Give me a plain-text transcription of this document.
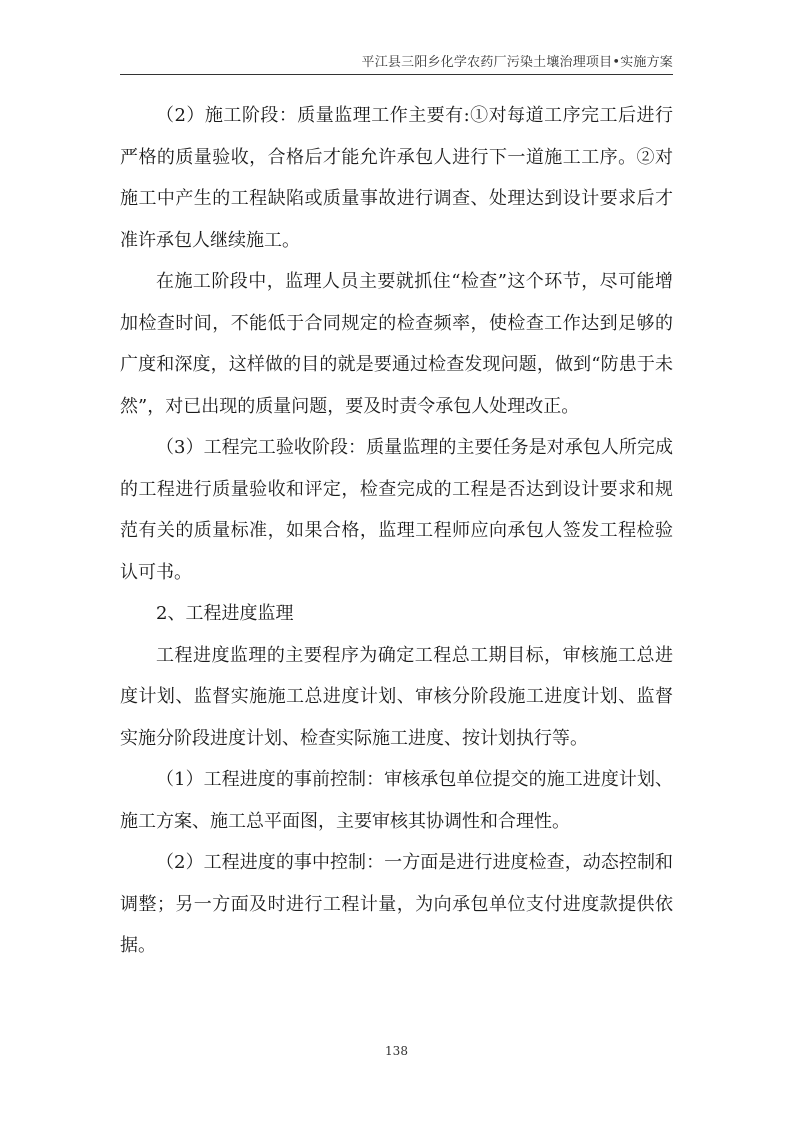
平江县三阳乡化学农药厂污染土壤治理项目•实施方案

（2）施工阶段：质量监理工作主要有:①对每道工序完工后进行严格的质量验收，合格后才能允许承包人进行下一道施工工序。②对施工中产生的工程缺陷或质量事故进行调查、处理达到设计要求后才准许承包人继续施工。

在施工阶段中，监理人员主要就抓住“检查”这个环节，尽可能增加检查时间，不能低于合同规定的检查频率，使检查工作达到足够的广度和深度，这样做的目的就是要通过检查发现问题，做到“防患于未然”，对已出现的质量问题，要及时责令承包人处理改正。

（3）工程完工验收阶段：质量监理的主要任务是对承包人所完成的工程进行质量验收和评定，检查完成的工程是否达到设计要求和规范有关的质量标准，如果合格，监理工程师应向承包人签发工程检验认可书。

2、工程进度监理

工程进度监理的主要程序为确定工程总工期目标，审核施工总进度计划、监督实施施工总进度计划、审核分阶段施工进度计划、监督实施分阶段进度计划、检查实际施工进度、按计划执行等。

（1）工程进度的事前控制：审核承包单位提交的施工进度计划、施工方案、施工总平面图，主要审核其协调性和合理性。

（2）工程进度的事中控制：一方面是进行进度检查，动态控制和调整；另一方面及时进行工程计量，为向承包单位支付进度款提供依据。

138
